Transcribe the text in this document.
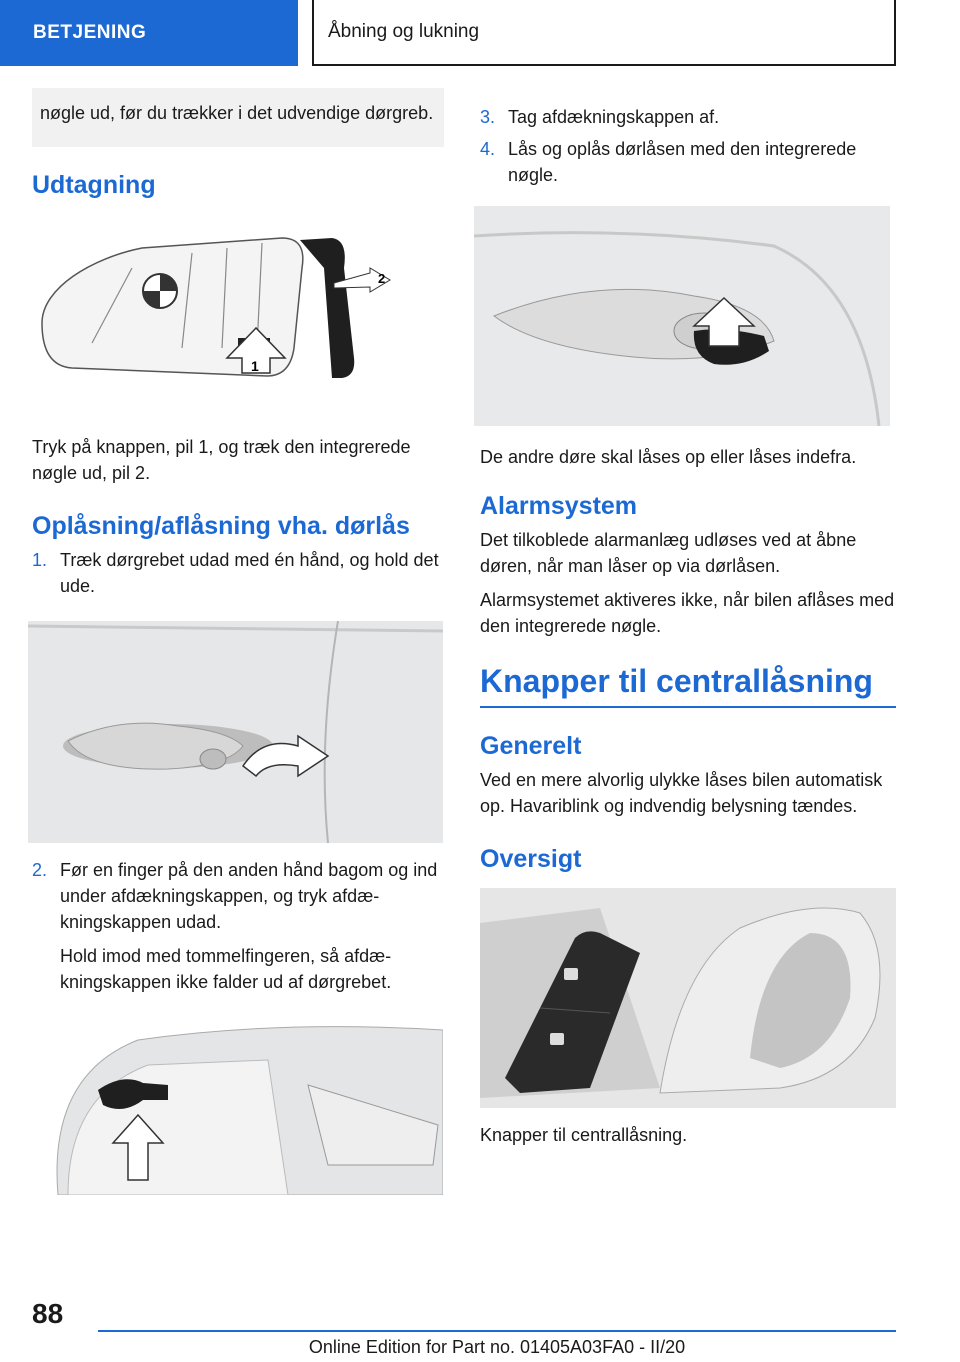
BETJENING	Åbning og lukning

nøgle ud, før du trækker i det udvendige dørgreb.

Udtagning
2
1

Tryk på knappen, pil 1, og træk den integrerede nøgle ud, pil 2.

Oplåsning/aflåsning vha. dørlås
1. Træk dørgrebet udad med én hånd, og hold det ude.
2. Før en finger på den anden hånd bagom og ind under afdækningskappen, og tryk afdækningskappen udad.

Hold imod med tommelfingeren, så afdækningskappen ikke falder ud af dørgrebet.

3. Tag afdækningskappen af.
4. Lås og oplås dørlåsen med den integrerede nøgle.

De andre døre skal låses op eller låses indefra.

Alarmsystem

Det tilkoblede alarmanlæg udløses ved at åbne døren, når man låser op via dørlåsen.

Alarmsystemet aktiveres ikke, når bilen aflåses med den integrerede nøgle.

Knapper til centrallåsning
Generelt

Ved en mere alvorlig ulykke låses bilen automatisk op. Havariblink og indvendig belysning tændes.

Oversigt

Knapper til centrallåsning.

88
Online Edition for Part no. 01405A03FA0 - II/20
